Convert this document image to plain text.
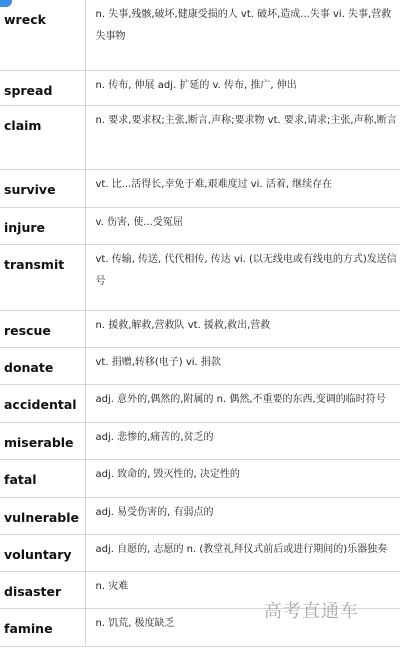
wreck	n. 失事,残骸,破坏,健康受损的人 vt. 破坏,造成...失事 vi. 失事,营救失事物
spread	n. 传布, 伸展 adj. 扩延的 v. 传布, 推广, 伸出
claim	n. 要求,要求权;主张,断言,声称;要求物 vt. 要求,请求;主张,声称,断言
survive	vt. 比...活得长,幸免于难,艰难度过 vi. 活着, 继续存在
injure	v. 伤害, 使...受冤屈
transmit	vt. 传输, 传送, 代代相传, 传达 vi. (以无线电或有线电的方式)发送信号
rescue	n. 援救,解救,营救队 vt. 援救,救出,营救
donate	vt. 捐赠,转移(电子) vi. 捐款
accidental	adj. 意外的,偶然的,附属的 n. 偶然,不重要的东西,变调的临时符号
miserable	adj. 悲惨的,痛苦的,贫乏的
fatal	adj. 致命的, 毁灭性的, 决定性的
vulnerable	adj. 易受伤害的, 有弱点的
voluntary	adj. 自愿的, 志愿的 n. (教堂礼拜仪式前后或进行期间的)乐器独奏
disaster	n. 灾难
famine	n. 饥荒, 极度缺乏
高考直通车
